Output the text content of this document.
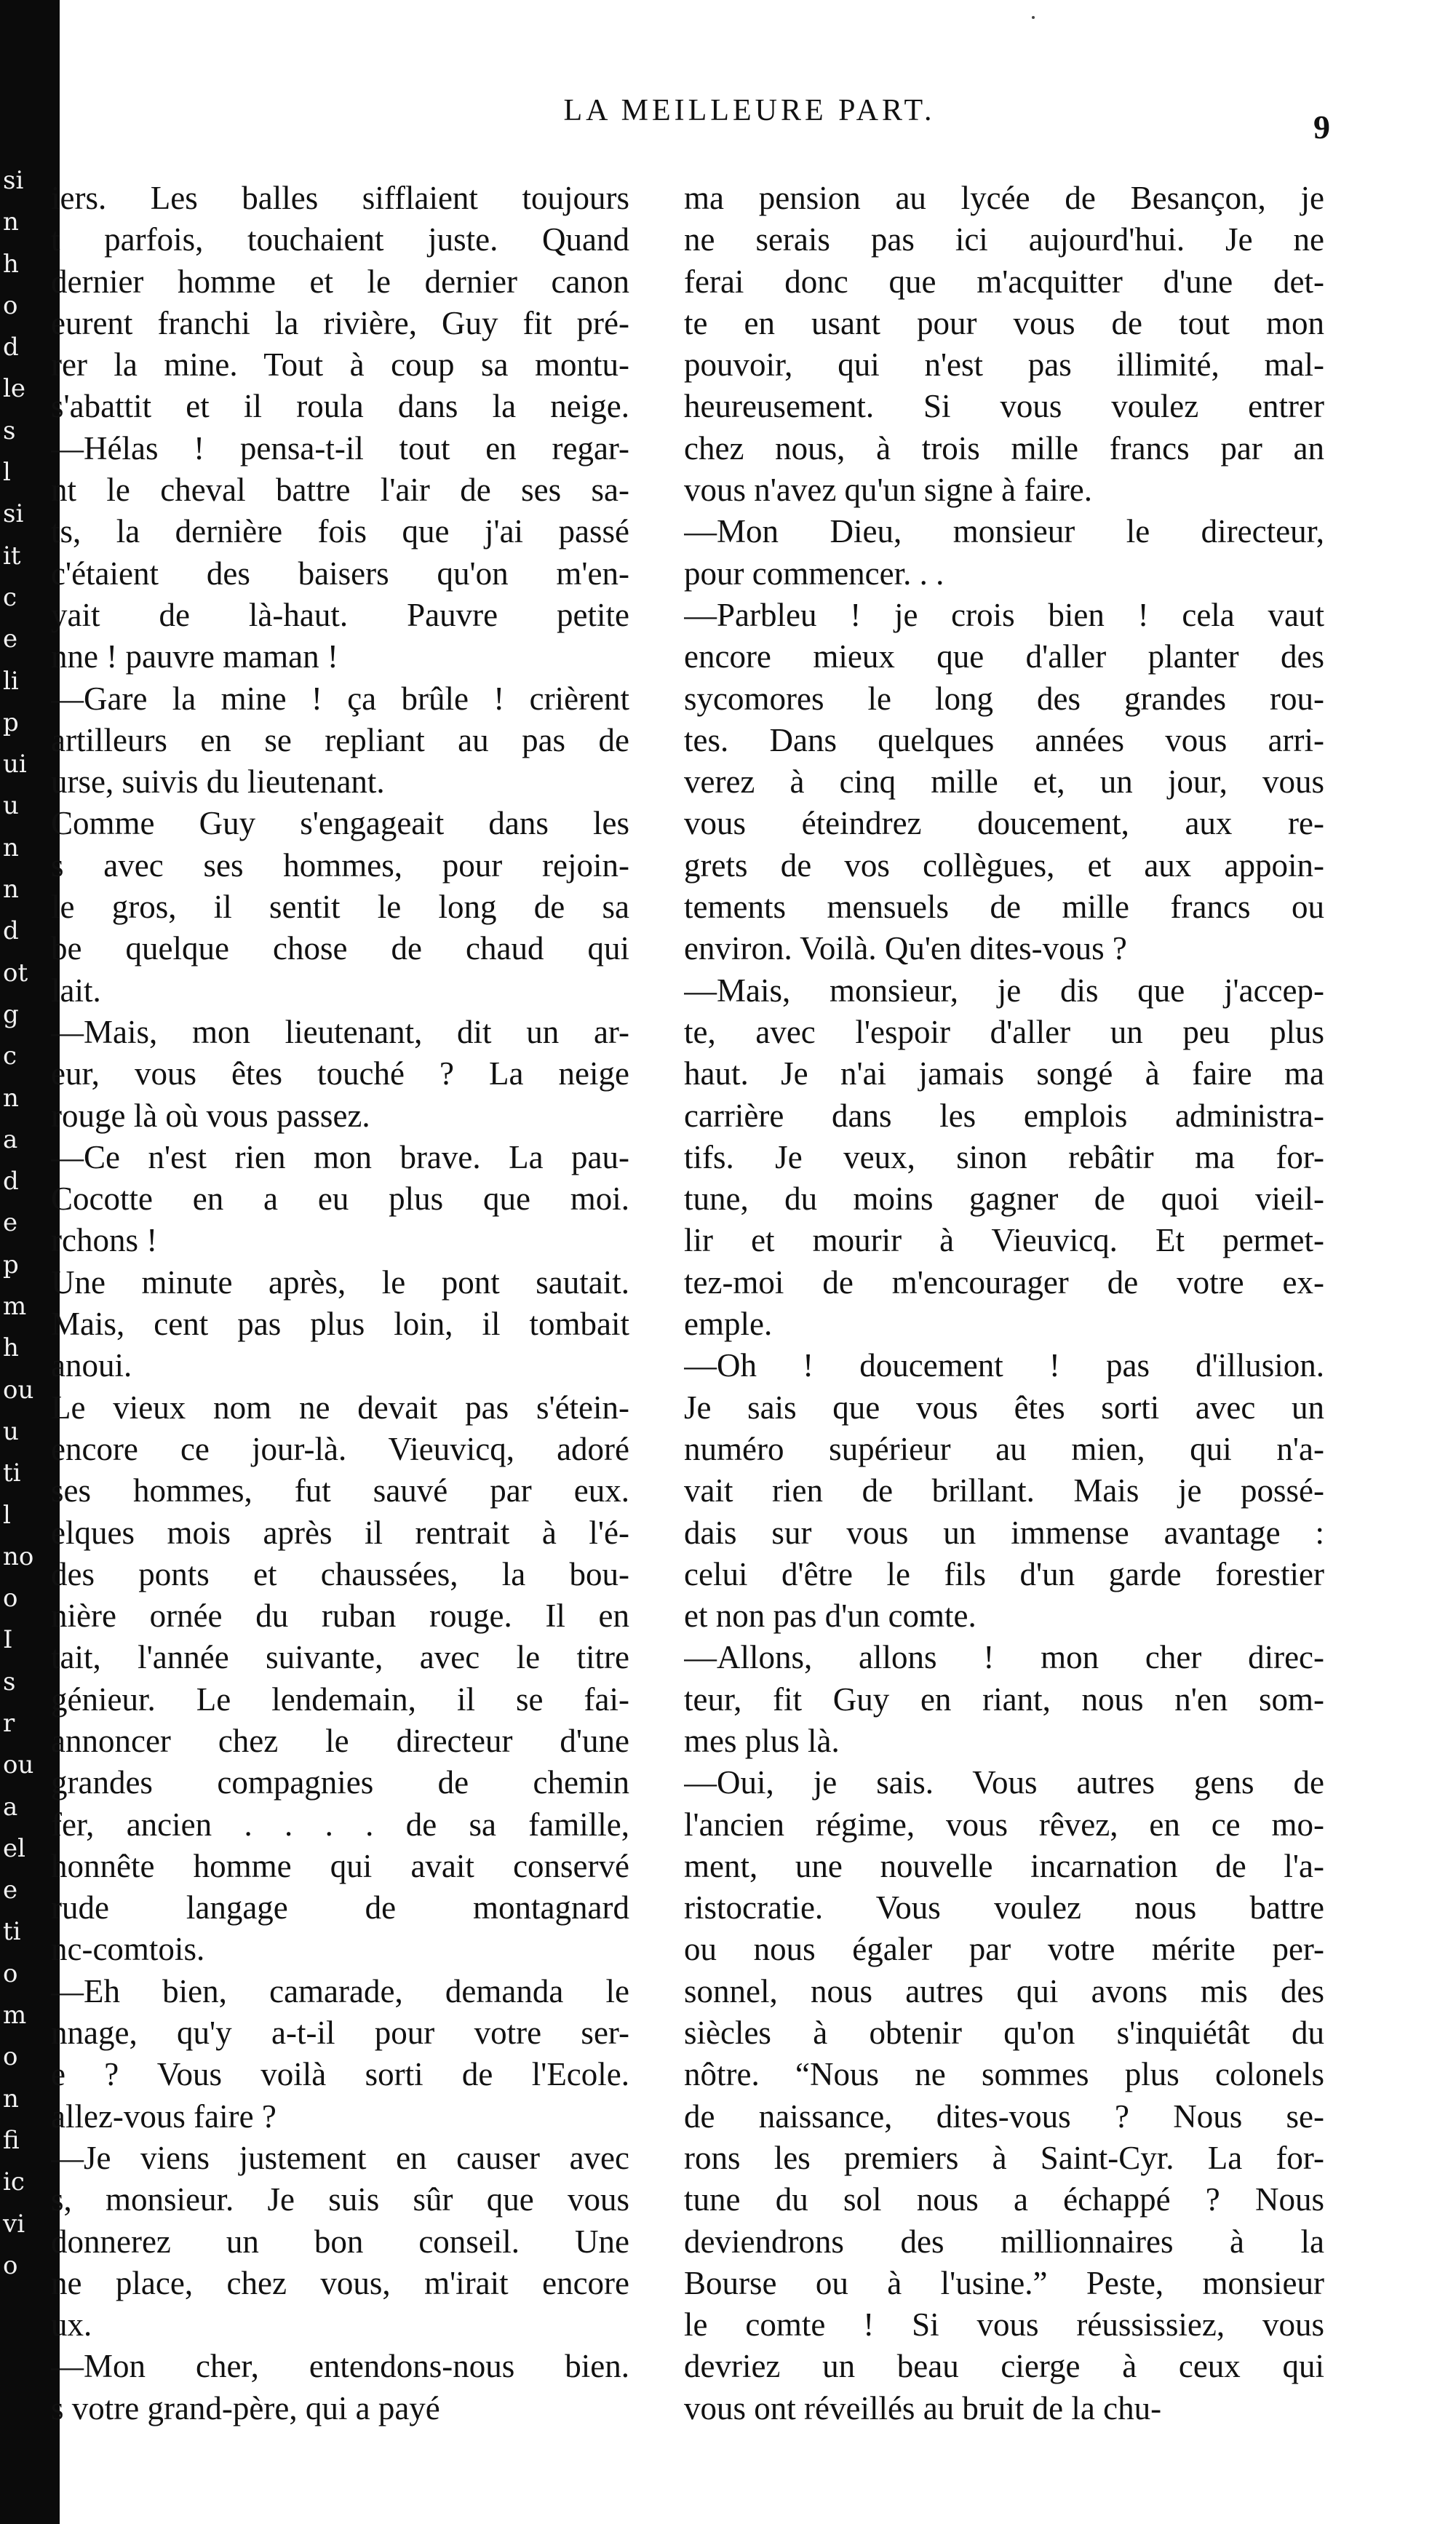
si
n
h
o
d
le
s
l
si
it
c
e
li
p
ui
u
n
n
d
ot
g
c
n
a
d
e
p
m
h
ou
u
ti
l
no
o
I
s
r
ou
a
el
e
ti
o
m
o
n
fi
ic
vi
o
LA MEILLEURE PART.	9
iers. Les balles sifflaient toujours
t parfois, touchaient juste. Quand
dernier homme et le dernier canon
eurent franchi la rivière, Guy fit pré-
rer la mine. Tout à coup sa montu-
s'abattit et il roula dans la neige.
—Hélas ! pensa-t-il tout en regar-
nt le cheval battre l'air de ses sa-
ts, la dernière fois que j'ai passé
c'étaient des baisers qu'on m'en-
yait de là-haut. Pauvre petite
nne ! pauvre maman !
—Gare la mine ! ça brûle ! crièrent
artilleurs en se repliant au pas de
urse, suivis du lieutenant.
Comme Guy s'engageait dans les
s avec ses hommes, pour rejoin-
le gros, il sentit le long de sa
be quelque chose de chaud qui
lait.
—Mais, mon lieutenant, dit un ar-
eur, vous êtes touché ? La neige
rouge là où vous passez.
—Ce n'est rien mon brave. La pau-
Cocotte en a eu plus que moi.
rchons !
Une minute après, le pont sautait.
Mais, cent pas plus loin, il tombait
anoui.
Le vieux nom ne devait pas s'étein-
encore ce jour-là. Vieuvicq, adoré
ses hommes, fut sauvé par eux.
elques mois après il rentrait à l'é-
des ponts et chaussées, la bou-
nière ornée du ruban rouge. Il en
tait, l'année suivante, avec le titre
génieur. Le lendemain, il se fai-
annoncer chez le directeur d'une
grandes compagnies de chemin
fer, ancien . . . . de sa famille,
honnête homme qui avait conservé
rude langage de montagnard
nc-comtois.
—Eh bien, camarade, demanda le
nnage, qu'y a-t-il pour votre ser-
e ? Vous voilà sorti de l'Ecole.
allez-vous faire ?
—Je viens justement en causer avec
s, monsieur. Je suis sûr que vous
donnerez un bon conseil. Une
ne place, chez vous, m'irait encore
ux.
—Mon cher, entendons-nous bien.
s votre grand-père, qui a payé
ma pension au lycée de Besançon, je
ne serais pas ici aujourd'hui. Je ne
ferai donc que m'acquitter d'une det-
te en usant pour vous de tout mon
pouvoir, qui n'est pas illimité, mal-
heureusement. Si vous voulez entrer
chez nous, à trois mille francs par an
vous n'avez qu'un signe à faire.
—Mon Dieu, monsieur le directeur,
pour commencer. . .
—Parbleu ! je crois bien ! cela vaut
encore mieux que d'aller planter des
sycomores le long des grandes rou-
tes. Dans quelques années vous arri-
verez à cinq mille et, un jour, vous
vous éteindrez doucement, aux re-
grets de vos collègues, et aux appoin-
tements mensuels de mille francs ou
environ. Voilà. Qu'en dites-vous ?
—Mais, monsieur, je dis que j'accep-
te, avec l'espoir d'aller un peu plus
haut. Je n'ai jamais songé à faire ma
carrière dans les emplois administra-
tifs. Je veux, sinon rebâtir ma for-
tune, du moins gagner de quoi vieil-
lir et mourir à Vieuvicq. Et permet-
tez-moi de m'encourager de votre ex-
emple.
—Oh ! doucement ! pas d'illusion.
Je sais que vous êtes sorti avec un
numéro supérieur au mien, qui n'a-
vait rien de brillant. Mais je possé-
dais sur vous un immense avantage :
celui d'être le fils d'un garde forestier
et non pas d'un comte.
—Allons, allons ! mon cher direc-
teur, fit Guy en riant, nous n'en som-
mes plus là.
—Oui, je sais. Vous autres gens de
l'ancien régime, vous rêvez, en ce mo-
ment, une nouvelle incarnation de l'a-
ristocratie. Vous voulez nous battre
ou nous égaler par votre mérite per-
sonnel, nous autres qui avons mis des
siècles à obtenir qu'on s'inquiétât du
nôtre. “Nous ne sommes plus colonels
de naissance, dites-vous ? Nous se-
rons les premiers à Saint-Cyr. La for-
tune du sol nous a échappé ? Nous
deviendrons des millionnaires à la
Bourse ou à l'usine.” Peste, monsieur
le comte ! Si vous réussissiez, vous
devriez un beau cierge à ceux qui
vous ont réveillés au bruit de la chu-
